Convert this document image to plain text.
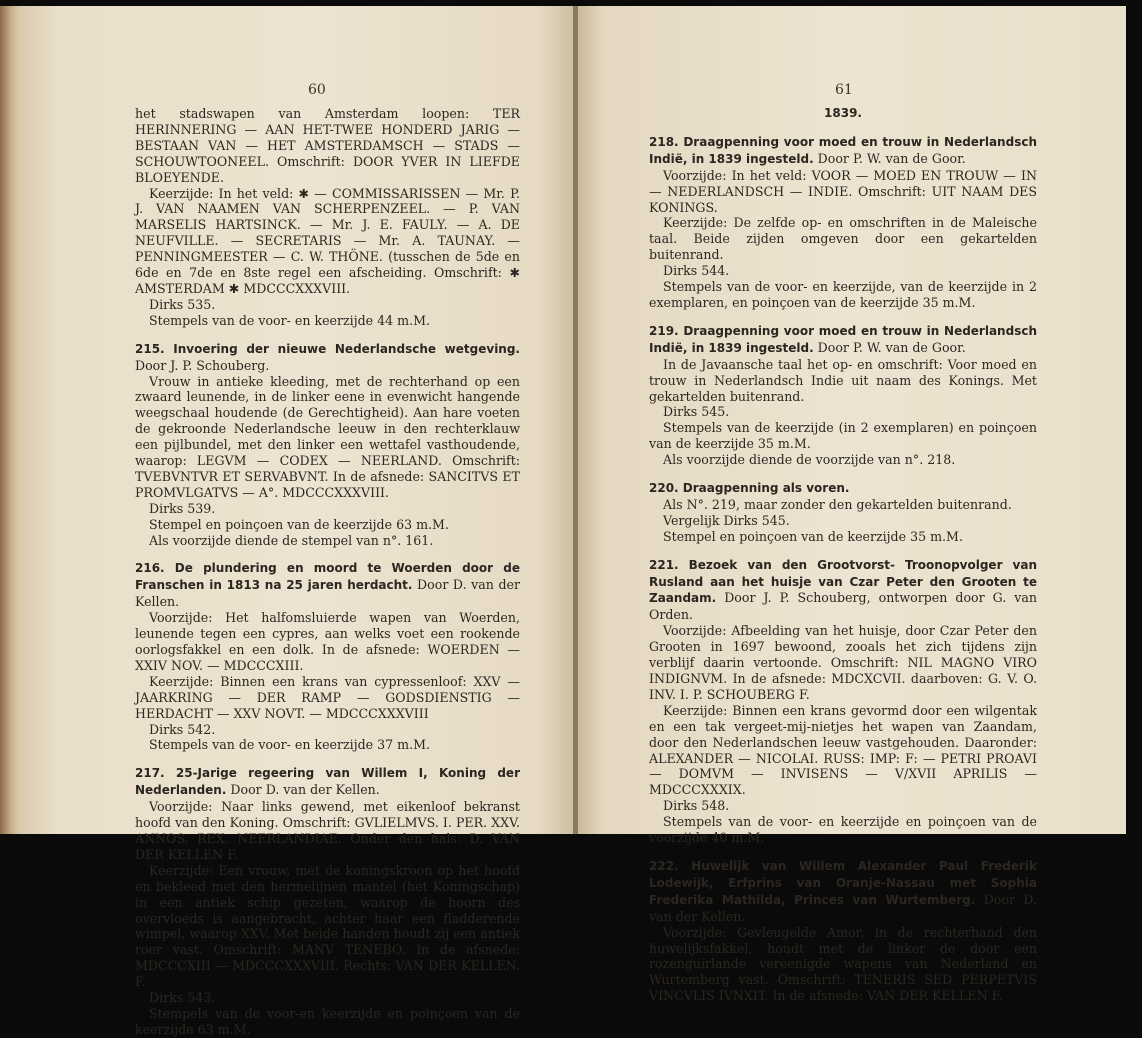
60

het stadswapen van Amsterdam loopen: TER HERINNERING — AAN HET-TWEE HONDERD JARIG — BESTAAN VAN — HET AMSTERDAMSCH — STADS — SCHOUWTOONEEL. Omschrift: DOOR YVER IN LIEFDE BLOEYENDE.

Keerzijde: In het veld: ✱ — COMMISSARISSEN — Mr. P. J. VAN NAAMEN VAN SCHERPENZEEL. — P. VAN MARSELIS HARTSINCK. — Mr. J. E. FAULY. — A. DE NEUFVILLE. — SECRETARIS — Mr. A. TAUNAY. — PENNINGMEESTER — C. W. THÖNE. (tusschen de 5de en 6de en 7de en 8ste regel een afscheiding. Omschrift: ✱ AMSTERDAM ✱ MDCCCXXXVIII.

Dirks 535.

Stempels van de voor- en keerzijde 44 m.M.

215. Invoering der nieuwe Nederlandsche wetgeving. Door J. P. Schouberg.

Vrouw in antieke kleeding, met de rechterhand op een zwaard leunende, in de linker eene in evenwicht hangende weegschaal houdende (de Gerechtigheid). Aan hare voeten de gekroonde Nederlandsche leeuw in den rechterklauw een pijlbundel, met den linker een wettafel vasthoudende, waarop: LEGVM — CODEX — NEERLAND. Omschrift: TVEBVNTVR ET SERVABVNT. In de afsnede: SANCITVS ET PROMVLGATVS — A°. MDCCCXXXVIII.

Dirks 539.

Stempel en poinçoen van de keerzijde 63 m.M.

Als voorzijde diende de stempel van n°. 161.

216. De plundering en moord te Woerden door de Franschen in 1813 na 25 jaren herdacht. Door D. van der Kellen.

Voorzijde: Het halfomsluierde wapen van Woerden, leunende tegen een cypres, aan welks voet een rookende oorlogsfakkel en een dolk. In de afsnede: WOERDEN — XXIV NOV. — MDCCCXIII.

Keerzijde: Binnen een krans van cypressenloof: XXV — JAARKRING — DER RAMP — GODSDIENSTIG — HERDACHT — XXV NOVT. — MDCCCXXXVIII

Dirks 542.

Stempels van de voor- en keerzijde 37 m.M.

217. 25-Jarige regeering van Willem I, Koning der Nederlanden. Door D. van der Kellen.

Voorzijde: Naar links gewend, met eikenloof bekranst hoofd van den Koning. Omschrift: GVLIELMVS. I. PER. XXV. ANNOS. REX. NEERLANDIAE. Onder den hals: D. VAN DER KELLEN F.

Keerzijde: Een vrouw, met de koningskroon op het hoofd en bekleed met den hermelijnen mantel (het Koningschap) in een antiek schip gezeten, waarop de hoorn des overvloeds is aangebracht, achter haar een fladderende wimpel, waarop XXV. Met beide handen houdt zij een antiek roer vast. Omschrift: MANV TENEBO. In de afsnede: MDCCCXIII — MDCCCXXXVIII. Rechts: VAN DER KELLEN. F.

Dirks 543.

Stempels van de voor-en keerzijde en poinçoen van de keerzijde 63 m.M.

61

1839.

218. Draagpenning voor moed en trouw in Nederlandsch Indië, in 1839 ingesteld. Door P. W. van de Goor.

Voorzijde: In het veld: VOOR — MOED EN TROUW — IN — NEDERLANDSCH — INDIE. Omschrift: UIT NAAM DES KONINGS.

Keerzijde: De zelfde op- en omschriften in de Maleische taal. Beide zijden omgeven door een gekartelden buitenrand.

Dirks 544.

Stempels van de voor- en keerzijde, van de keerzijde in 2 exemplaren, en poinçoen van de keerzijde 35 m.M.

219. Draagpenning voor moed en trouw in Nederlandsch Indië, in 1839 ingesteld. Door P. W. van de Goor.

In de Javaansche taal het op- en omschrift: Voor moed en trouw in Nederlandsch Indie uit naam des Konings. Met gekartelden buitenrand.

Dirks 545.

Stempels van de keerzijde (in 2 exemplaren) en poinçoen van de keerzijde 35 m.M.

Als voorzijde diende de voorzijde van n°. 218.

220. Draagpenning als voren.

Als N°. 219, maar zonder den gekartelden buitenrand.

Vergelijk Dirks 545.

Stempel en poinçoen van de keerzijde 35 m.M.

221. Bezoek van den Grootvorst- Troonopvolger van Rusland aan het huisje van Czar Peter den Grooten te Zaandam. Door J. P. Schouberg, ontworpen door G. van Orden.

Voorzijde: Afbeelding van het huisje, door Czar Peter den Grooten in 1697 bewoond, zooals het zich tijdens zijn verblijf daarin vertoonde. Omschrift: NIL MAGNO VIRO INDIGNVM. In de afsnede: MDCXCVII. daarboven: G. V. O. INV. I. P. SCHOUBERG F.

Keerzijde: Binnen een krans gevormd door een wilgentak en een tak vergeet-mij-nietjes het wapen van Zaandam, door den Nederlandschen leeuw vastgehouden. Daaronder: ALEXANDER — NICOLAI. RUSS: IMP: F: — PETRI PROAVI — DOMVM — INVISENS — V/XVII APRILIS — MDCCCXXXIX.

Dirks 548.

Stempels van de voor- en keerzijde en poinçoen van de voorzijde 40 m.M.

222. Huwelijk van Willem Alexander Paul Frederik Lodewijk, Erfprins van Oranje-Nassau met Sophia Frederika Mathilda, Princes van Wurtemberg. Door D. van der Kellen.

Voorzijde: Gevleugelde Amor, in de rechterhand den huwelijksfakkel, houdt met de linker de door een rozenguirlande vereenigde wapens van Nederland en Wurtemberg vast. Omschrift: TENERIS SED PERPETVIS VINCVLIS IVNXIT. In de afsnede: VAN DER KELLEN F.
